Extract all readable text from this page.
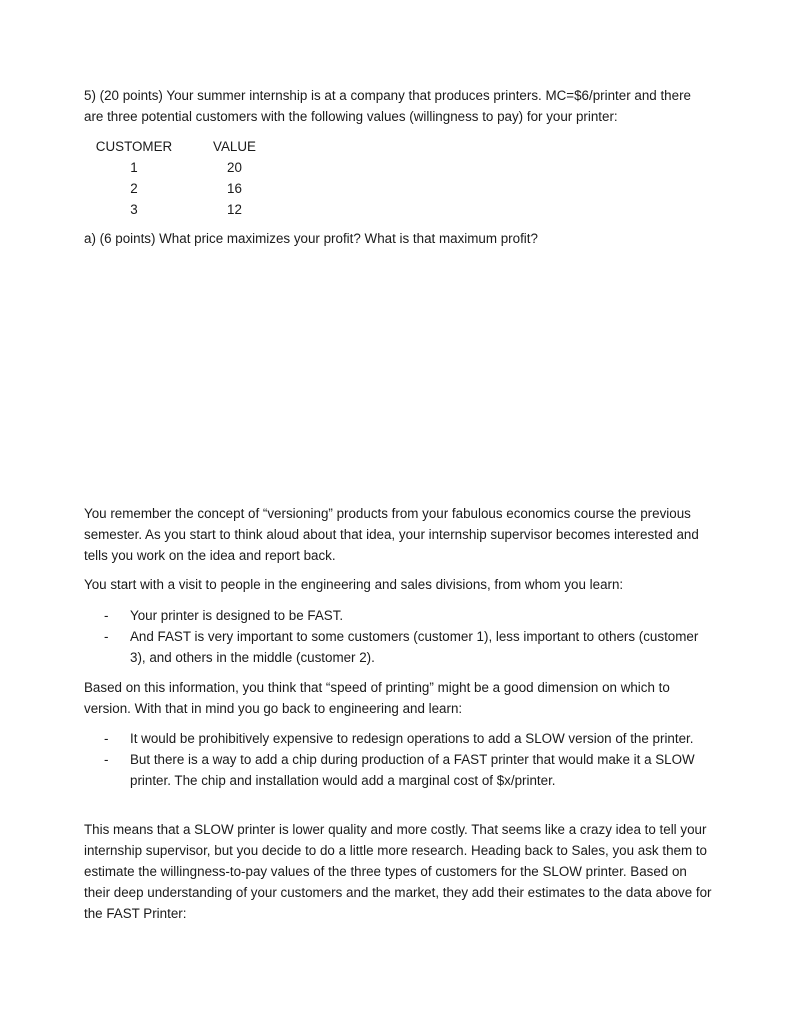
5) (20 points) Your summer internship is at a company that produces printers. MC=$6/printer and there are three potential customers with the following values (willingness to pay) for your printer:

CUSTOMER	VALUE
1	20
2	16
3	12

a) (6 points) What price maximizes your profit? What is that maximum profit?

You remember the concept of “versioning” products from your fabulous economics course the previous semester. As you start to think aloud about that idea, your internship supervisor becomes interested and tells you work on the idea and report back.

You start with a visit to people in the engineering and sales divisions, from whom you learn:

- Your printer is designed to be FAST.
- And FAST is very important to some customers (customer 1), less important to others (customer 3), and others in the middle (customer 2).

Based on this information, you think that “speed of printing” might be a good dimension on which to version. With that in mind you go back to engineering and learn:

- It would be prohibitively expensive to redesign operations to add a SLOW version of the printer.
- But there is a way to add a chip during production of a FAST printer that would make it a SLOW printer. The chip and installation would add a marginal cost of $x/printer.

This means that a SLOW printer is lower quality and more costly. That seems like a crazy idea to tell your internship supervisor, but you decide to do a little more research. Heading back to Sales, you ask them to estimate the willingness-to-pay values of the three types of customers for the SLOW printer. Based on their deep understanding of your customers and the market, they add their estimates to the data above for the FAST Printer:
